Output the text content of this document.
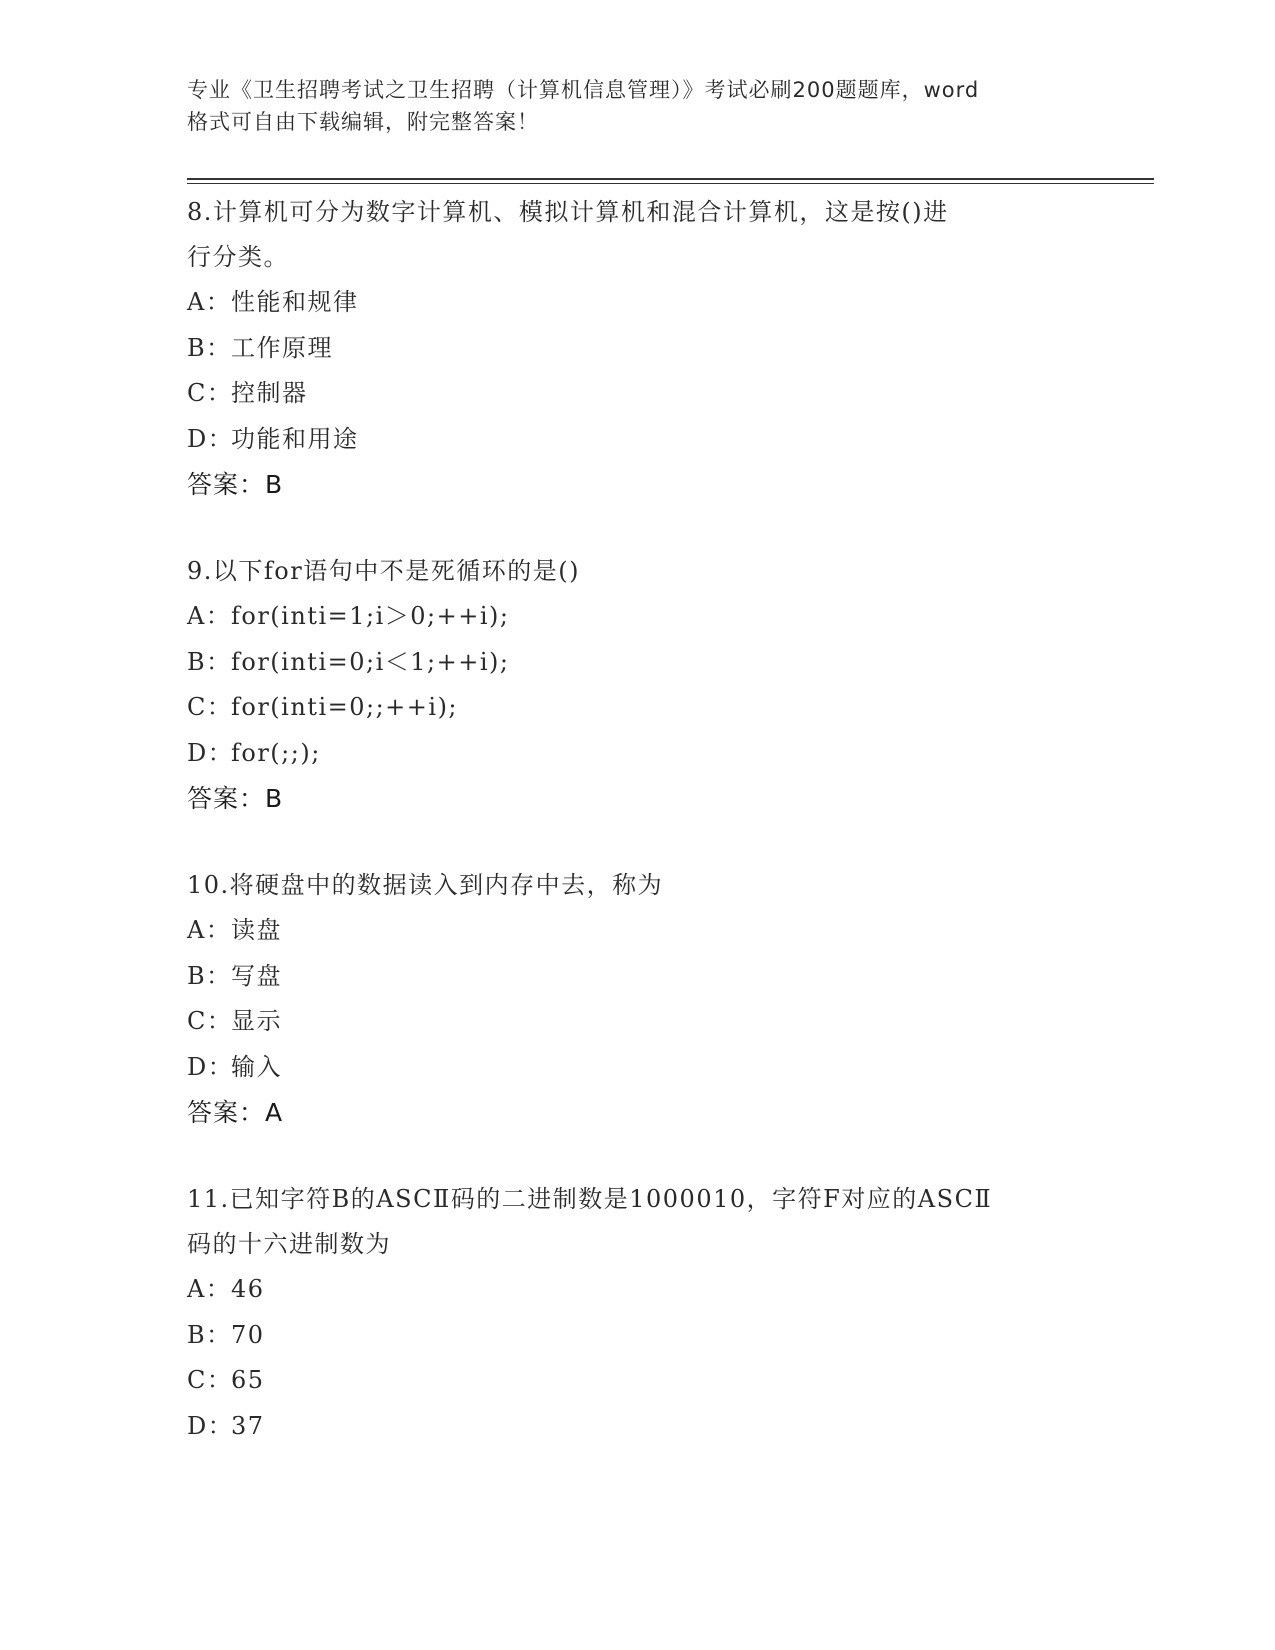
专业《卫生招聘考试之卫生招聘（计算机信息管理）》考试必刷200题题库，word
格式可自由下载编辑，附完整答案！

8.计算机可分为数字计算机、模拟计算机和混合计算机，这是按()进

行分类。

A： 性能和规律
B： 工作原理
C：
控制器
D：
功能和用途

答案：B

9.以下for语句中不是死循环的是()

A： for(inti=1;i＞0;++i);
B： for(inti=0;i＜1;++i);
C：
for(inti=0;;++i);
D：
for(;;);

答案：B

10.将硬盘中的数据读入到内存中去，称为

A： 读盘
B： 写盘
C：
显示
D：
输入

答案：A

11.已知字符B的ASCⅡ码的二进制数是1000010，字符F对应的ASCⅡ

码的十六进制数为

A： 46
B： 70
C：
65
D：
37
